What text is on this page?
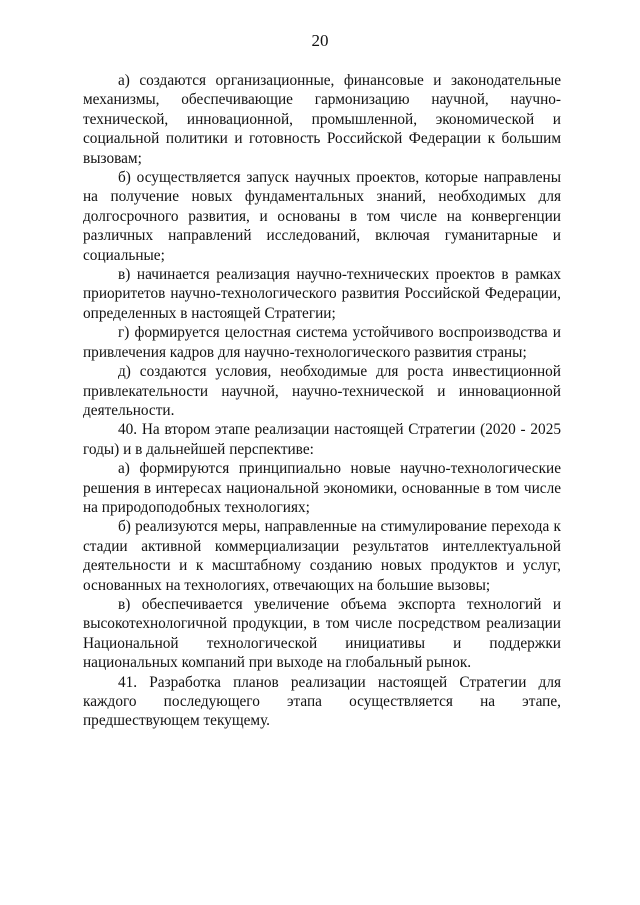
20

а) создаются организационные, финансовые и законодательные механизмы, обеспечивающие гармонизацию научной, научно-технической, инновационной, промышленной, экономической и социальной политики и готовность Российской Федерации к большим вызовам;

б) осуществляется запуск научных проектов, которые направлены на получение новых фундаментальных знаний, необходимых для долгосрочного развития, и основаны в том числе на конвергенции различных направлений исследований, включая гуманитарные и социальные;

в) начинается реализация научно-технических проектов в рамках приоритетов научно-технологического развития Российской Федерации, определенных в настоящей Стратегии;

г) формируется целостная система устойчивого воспроизводства и привлечения кадров для научно-технологического развития страны;

д) создаются условия, необходимые для роста инвестиционной привлекательности научной, научно-технической и инновационной деятельности.

40. На втором этапе реализации настоящей Стратегии (2020 - 2025 годы) и в дальнейшей перспективе:

а) формируются принципиально новые научно-технологические решения в интересах национальной экономики, основанные в том числе на природоподобных технологиях;

б) реализуются меры, направленные на стимулирование перехода к стадии активной коммерциализации результатов интеллектуальной деятельности и к масштабному созданию новых продуктов и услуг, основанных на технологиях, отвечающих на большие вызовы;

в) обеспечивается увеличение объема экспорта технологий и высокотехнологичной продукции, в том числе посредством реализации Национальной технологической инициативы и поддержки национальных компаний при выходе на глобальный рынок.

41. Разработка планов реализации настоящей Стратегии для каждого последующего этапа осуществляется на этапе, предшествующем текущему.
